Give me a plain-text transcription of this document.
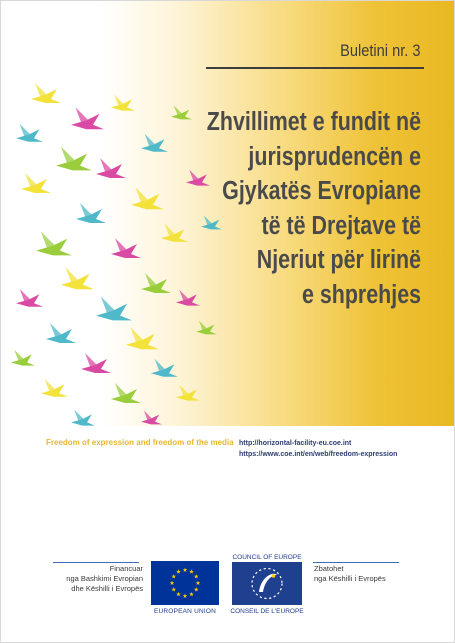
Buletini nr. 3
Zhvillimet e fundit në
jurisprudencën e
Gjykatës Evropiane
të të Drejtave të
Njeriut për lirinë
e shprehjes
Freedom of expression and freedom of the media http://horizontal-facility-eu.coe.int
https://www.coe.int/en/web/freedom-expression
Financuar
nga Bashkimi Evropian
dhe Këshilli i Evropës
EUROPEAN UNION
COUNCIL OF EUROPE
CONSEIL DE L'EUROPE
Zbatohet
nga Këshilli i Evropës
